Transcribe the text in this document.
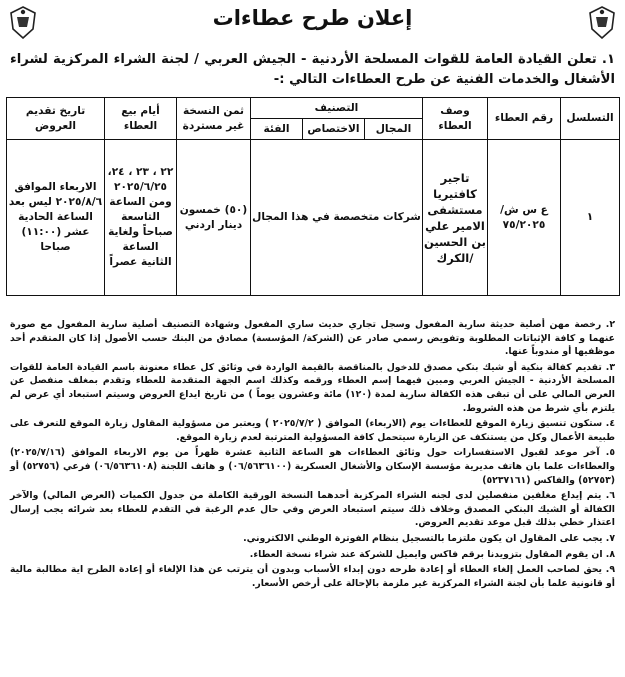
إعلان طرح عطاءات
١. تعلن القيادة العامة للقوات المسلحة الأردنية - الجيش العربي / لجنة الشراء المركزية لشراء الأشغال والخدمات الفنية عن طرح العطاءات التالي :-
التسلسل	رقم العطاء	وصف العطاء	التصنيف			ثمن النسخة غير مستردة	أيام بيع العطاء	تاريخ تقديم العروض
			المجال	الاختصاص	الفئة			
١	ع س ش/٧٥/٢٠٢٥	تاجير كافتيريا مستشفى الامير علي بن الحسين /الكرك	شركات متخصصة في هذا المجال			(٥٠) خمسون دينار اردني	٢٢ ، ٢٣ ، ٢٤، ٢٠٢٥/٦/٢٥ ومن الساعة التاسعة صباحاً ولغاية الساعة الثانية عصراً	الاربعاء الموافق ٢٠٢٥/٨/٦ ليس بعد الساعة الحادية عشر (١١:٠٠) صباحا

٢. رخصة مهن أصلية حديثة سارية المفعول وسجل تجاري حديث ساري المفعول وشهادة التصنيف أصلية سارية المفعول مع صورة عنهما و كافة الإثباتات المطلوبة وتفويض رسمي صادر عن (الشركة/ المؤسسة) مصادق من البنك حسب الأصول إذا كان المتقدم أحد موظفيها أو مندوباً عنها.

٣. تقديم كفالة بنكية أو شيك بنكي مصدق للدخول بالمناقصة بالقيمة الواردة في وثائق كل عطاء معنونة باسم القيادة العامة للقوات المسلحة الأردنية - الجيش العربي ومبين فيهما إسم العطاء ورقمه وكذلك اسم الجهة المتقدمة للعطاء وتقدم بمغلف منفصل عن العرض المالي على أن تبقى هذه الكفالة سارية لمدة (١٢٠) مائة وعشرون يوماً ) من تاريخ ايداع العروض وسيتم استبعاد أي عرض لم يلتزم بأي شرط من هذه الشروط.

٤. ستكون تنسيق زيارة الموقع للعطاءات يوم (الاربعاء) الموافق ( ٢٠٢٥/٧/٢ ) ويعتبر من مسؤولية المقاول زيارة الموقع للتعرف على طبيعة الأعمال وكل من يستنكف عن الزيارة سيتحمل كافة المسؤولية المترتبة لعدم زيارة الموقع.

٥. آخر موعد لقبول الاستفسارات حول وثائق العطاءات هو الساعة الثانية عشرة ظهراً من يوم الاربعاء الموافق (٢٠٢٥/٧/١٦) والعطاءات علما بان هاتف مديرية مؤسسة الإسكان والأشغال العسكرية (٠٦/٥٦٣٦١٠٠) و هاتف اللجنة (٠٦/٥٦٣٦١٠٨) فرعي (٥٢٧٥٦) أو (٥٢٧٥٣) والفاكس (٥٢٣٧١٦١)

٦. يتم إيداع مغلفين منفصلين لدى لجنه الشراء المركزية أحدهما النسخة الورقية الكاملة من جدول الكميات (العرض المالي) والآخر الكفالة أو الشيك البنكي المصدق وخلاف ذلك سيتم استبعاد العرض وفي حال عدم الرغبة في التقدم للعطاء بعد شرائه يجب إرسال اعتذار خطي بذلك قبل موعد تقديم العروض.

٧. يجب على المقاول ان يكون ملتزما بالتسجيل بنظام الفوترة الوطني الالكتروني.

٨. ان يقوم المقاول بتزويدنا برقم فاكس وايميل للشركة عند شراء نسخة العطاء.

٩. يحق لصاحب العمل إلغاء العطاء أو إعادة طرحه دون إبداء الأسباب وبدون أن يترتب عن هذا الإلغاء أو إعادة الطرح اية مطالبة مالية أو قانونية علما بأن لجنة الشراء المركزية غير ملزمة بالإحالة على أرخص الأسعار.
